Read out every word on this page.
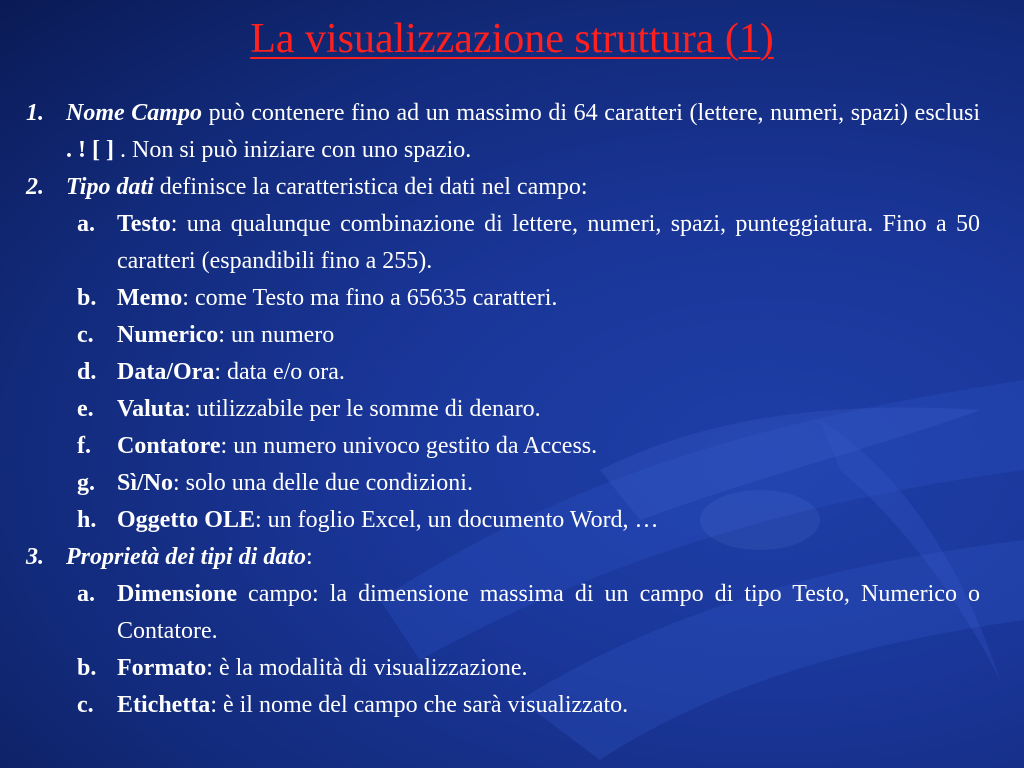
La visualizzazione struttura (1)
1. Nome Campo può contenere fino ad un massimo di 64 caratteri (lettere, numeri, spazi) esclusi . ! [ ] . Non si può iniziare con uno spazio.
2. Tipo dati definisce la caratteristica dei dati nel campo:
a. Testo: una qualunque combinazione di lettere, numeri, spazi, punteggiatura. Fino a 50 caratteri (espandibili fino a 255).
b. Memo: come Testo ma fino a 65635 caratteri.
c. Numerico: un numero
d. Data/Ora: data e/o ora.
e. Valuta: utilizzabile per le somme di denaro.
f.	Contatore: un numero univoco gestito da Access.
g. Sì/No: solo una delle due condizioni.
h. Oggetto OLE: un foglio Excel, un documento Word, …
3. Proprietà dei tipi di dato:
a. Dimensione campo: la dimensione massima di un campo di tipo Testo, Numerico o Contatore.
b. Formato: è la modalità di visualizzazione.
c. Etichetta: è il nome del campo che sarà visualizzato.
